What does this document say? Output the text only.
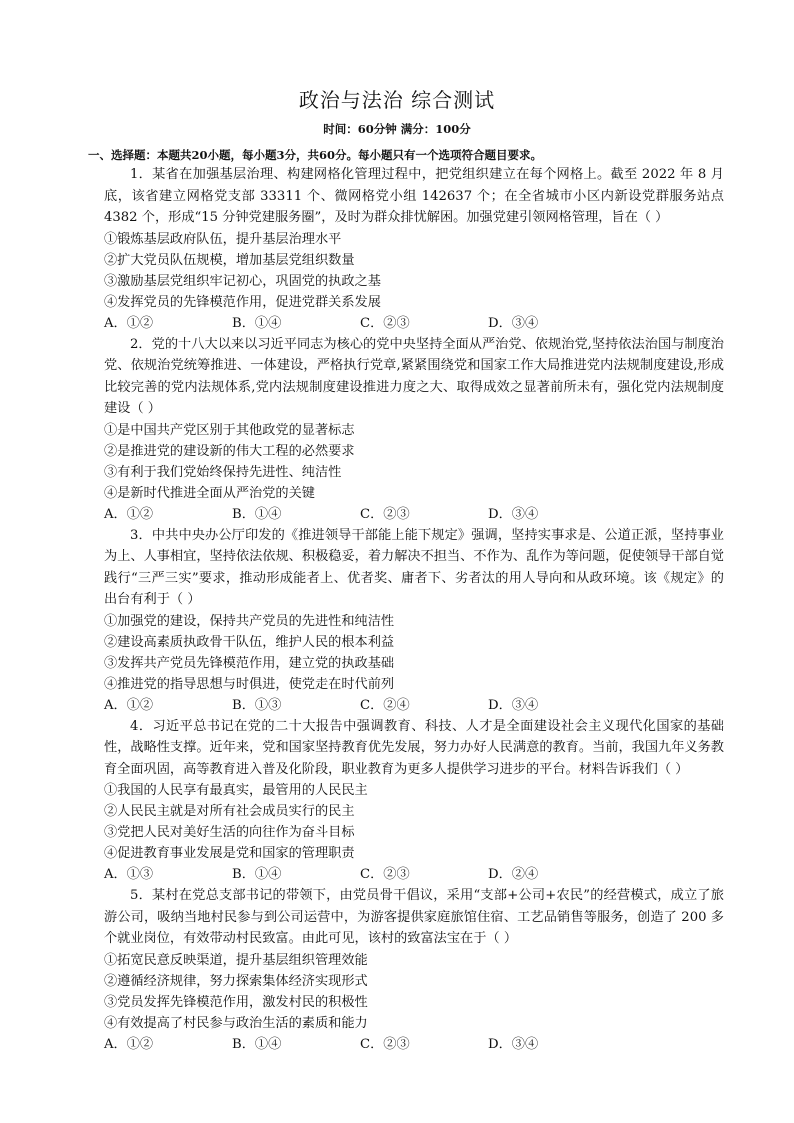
政治与法治 综合测试
时间：60分钟 满分：100分
一、选择题：本题共20小题，每小题3分，共60分。每小题只有一个选项符合题目要求。

1．某省在加强基层治理、构建网格化管理过程中，把党组织建立在每个网格上。截至 2022 年 8 月底，该省建立网格党支部 33311 个、微网格党小组 142637 个；在全省城市小区内新设党群服务站点 4382 个，形成“15 分钟党建服务圈”，及时为群众排忧解困。加强党建引领网格管理，旨在（ ）

①锻炼基层政府队伍，提升基层治理水平

②扩大党员队伍规模，增加基层党组织数量

③激励基层党组织牢记初心，巩固党的执政之基

④发挥党员的先锋模范作用，促进党群关系发展

A．①②	B．①④	C．②③	D．③④

2．党的十八大以来以习近平同志为核心的党中央坚持全面从严治党、依规治党,坚持依法治国与制度治党、依规治党统筹推进、一体建设，严格执行党章,紧紧围绕党和国家工作大局推进党内法规制度建设,形成比较完善的党内法规体系,党内法规制度建设推进力度之大、取得成效之显著前所未有，强化党内法规制度建设（ ）

①是中国共产党区别于其他政党的显著标志

②是推进党的建设新的伟大工程的必然要求

③有利于我们党始终保持先进性、纯洁性

④是新时代推进全面从严治党的关键

A．①②	B．①④	C．②③	D．③④

3．中共中央办公厅印发的《推进领导干部能上能下规定》强调，坚持实事求是、公道正派，坚持事业为上、人事相宜，坚持依法依规、积极稳妥，着力解决不担当、不作为、乱作为等问题，促使领导干部自觉践行“三严三实”要求，推动形成能者上、优者奖、庸者下、劣者汰的用人导向和从政环境。该《规定》的出台有利于（ ）

①加强党的建设，保持共产党员的先进性和纯洁性

②建设高素质执政骨干队伍，维护人民的根本利益

③发挥共产党员先锋模范作用，建立党的执政基础

④推进党的指导思想与时俱进，使党走在时代前列

A．①②	B．①③	C．②④	D．③④

4．习近平总书记在党的二十大报告中强调教育、科技、人才是全面建设社会主义现代化国家的基础性，战略性支撑。近年来，党和国家坚持教育优先发展，努力办好人民满意的教育。当前，我国九年义务教育全面巩固，高等教育进入普及化阶段，职业教育为更多人提供学习进步的平台。材料告诉我们（ ）

①我国的人民享有最真实，最管用的人民民主

②人民民主就是对所有社会成员实行的民主

③党把人民对美好生活的向往作为奋斗目标

④促进教育事业发展是党和国家的管理职责

A．①③	B．①④	C．②③	D．②④

5．某村在党总支部书记的带领下，由党员骨干倡议，采用“支部+公司+农民”的经营模式，成立了旅游公司，吸纳当地村民参与到公司运营中，为游客提供家庭旅馆住宿、工艺品销售等服务，创造了 200 多个就业岗位，有效带动村民致富。由此可见，该村的致富法宝在于（ ）

①拓宽民意反映渠道，提升基层组织管理效能

②遵循经济规律，努力探索集体经济实现形式

③党员发挥先锋模范作用，激发村民的积极性

④有效提高了村民参与政治生活的素质和能力

A．①②	B．①④	C．②③	D．③④
